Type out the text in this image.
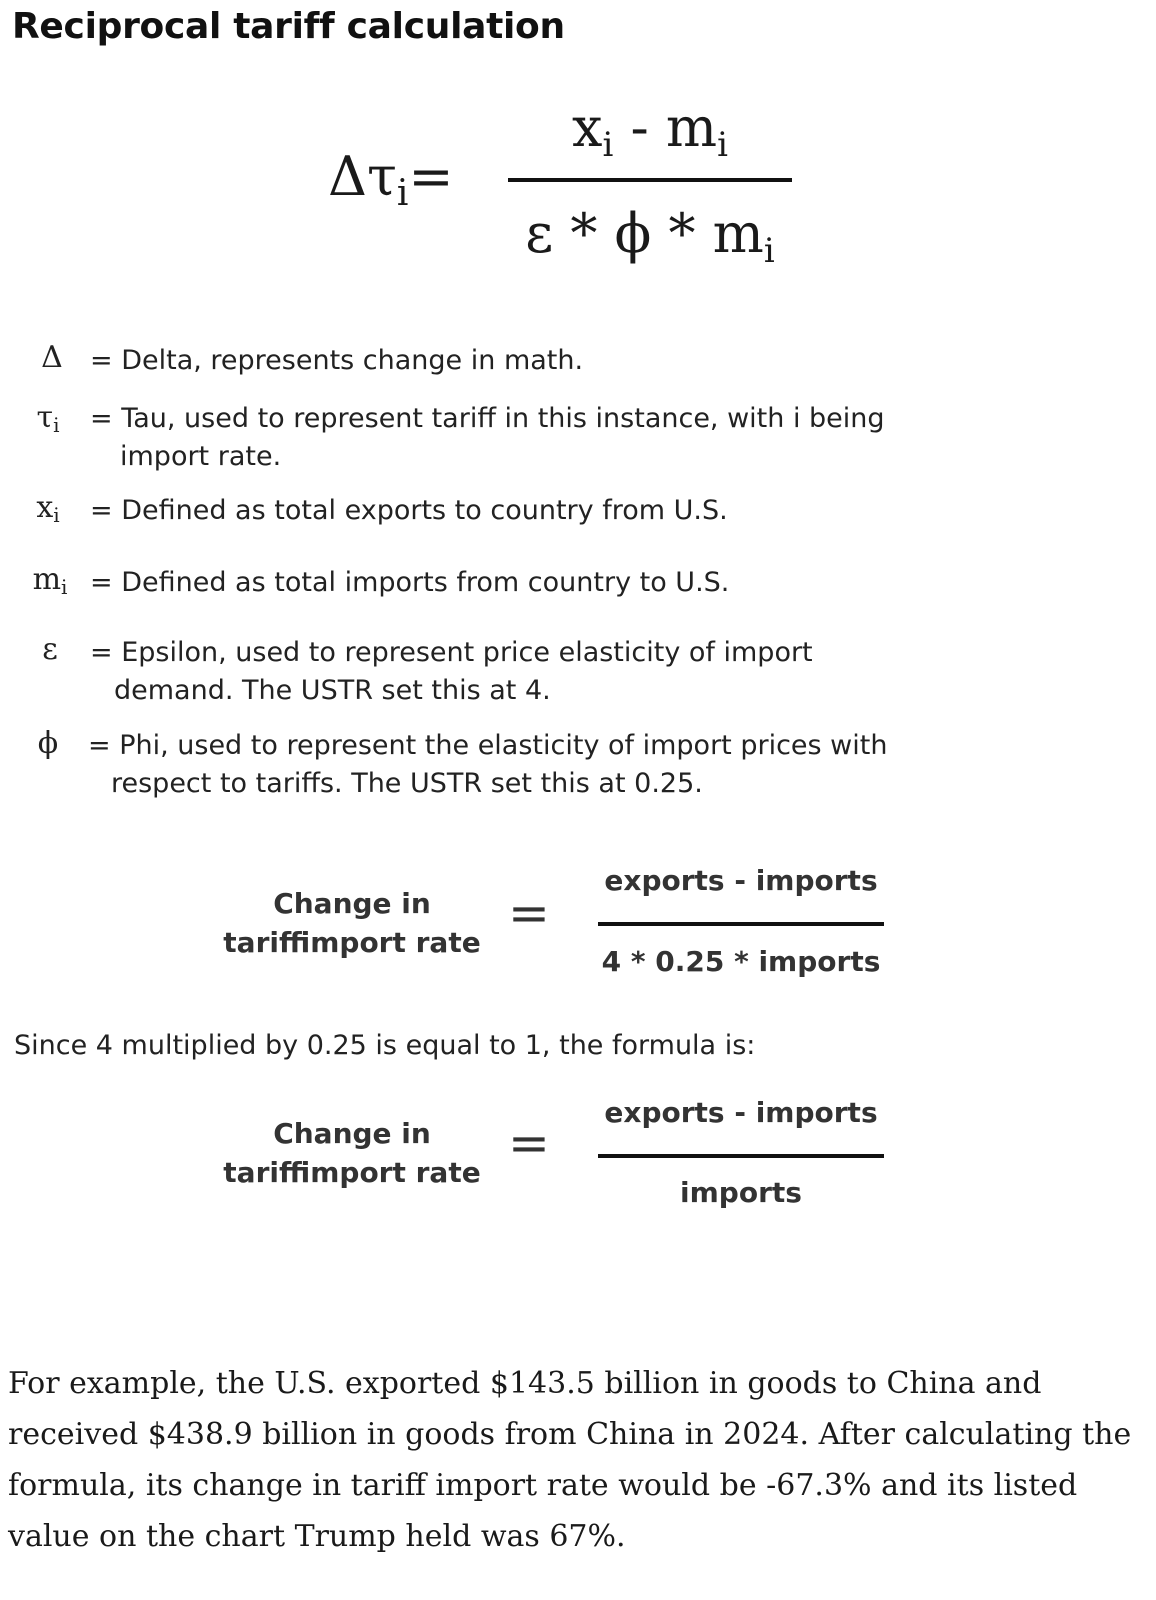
Reciprocal tariff calculation
$\Delta\tau_i=$
$x_i - m_i$
ε * ϕ * $m_i$
Δ	= Delta, represents change in math.
$\tau_i$	= Tau, used to represent tariff in this instance, with i being
import rate.
$x_i$	= Defined as total exports to country from U.S.
$m_i$ = Defined as total imports from country to U.S.
ε	= Epsilon, used to represent price elasticity of import
demand. The USTR set this at 4.
ϕ	= Phi, used to represent the elasticity of import prices with
respect to tariffs. The USTR set this at 0.25.
Change in tariffimport rate
=
exports - imports
4 * 0.25 * imports
Since 4 multiplied by 0.25 is equal to 1, the formula is:
Change in tariffimport rate
=
exports - imports
imports
For example, the U.S. exported $143.5 billion in goods to China and received $438.9 billion in goods from China in 2024. After calculating the formula, its change in tariff import rate would be -67.3% and its listed value on the chart Trump held was 67%.
